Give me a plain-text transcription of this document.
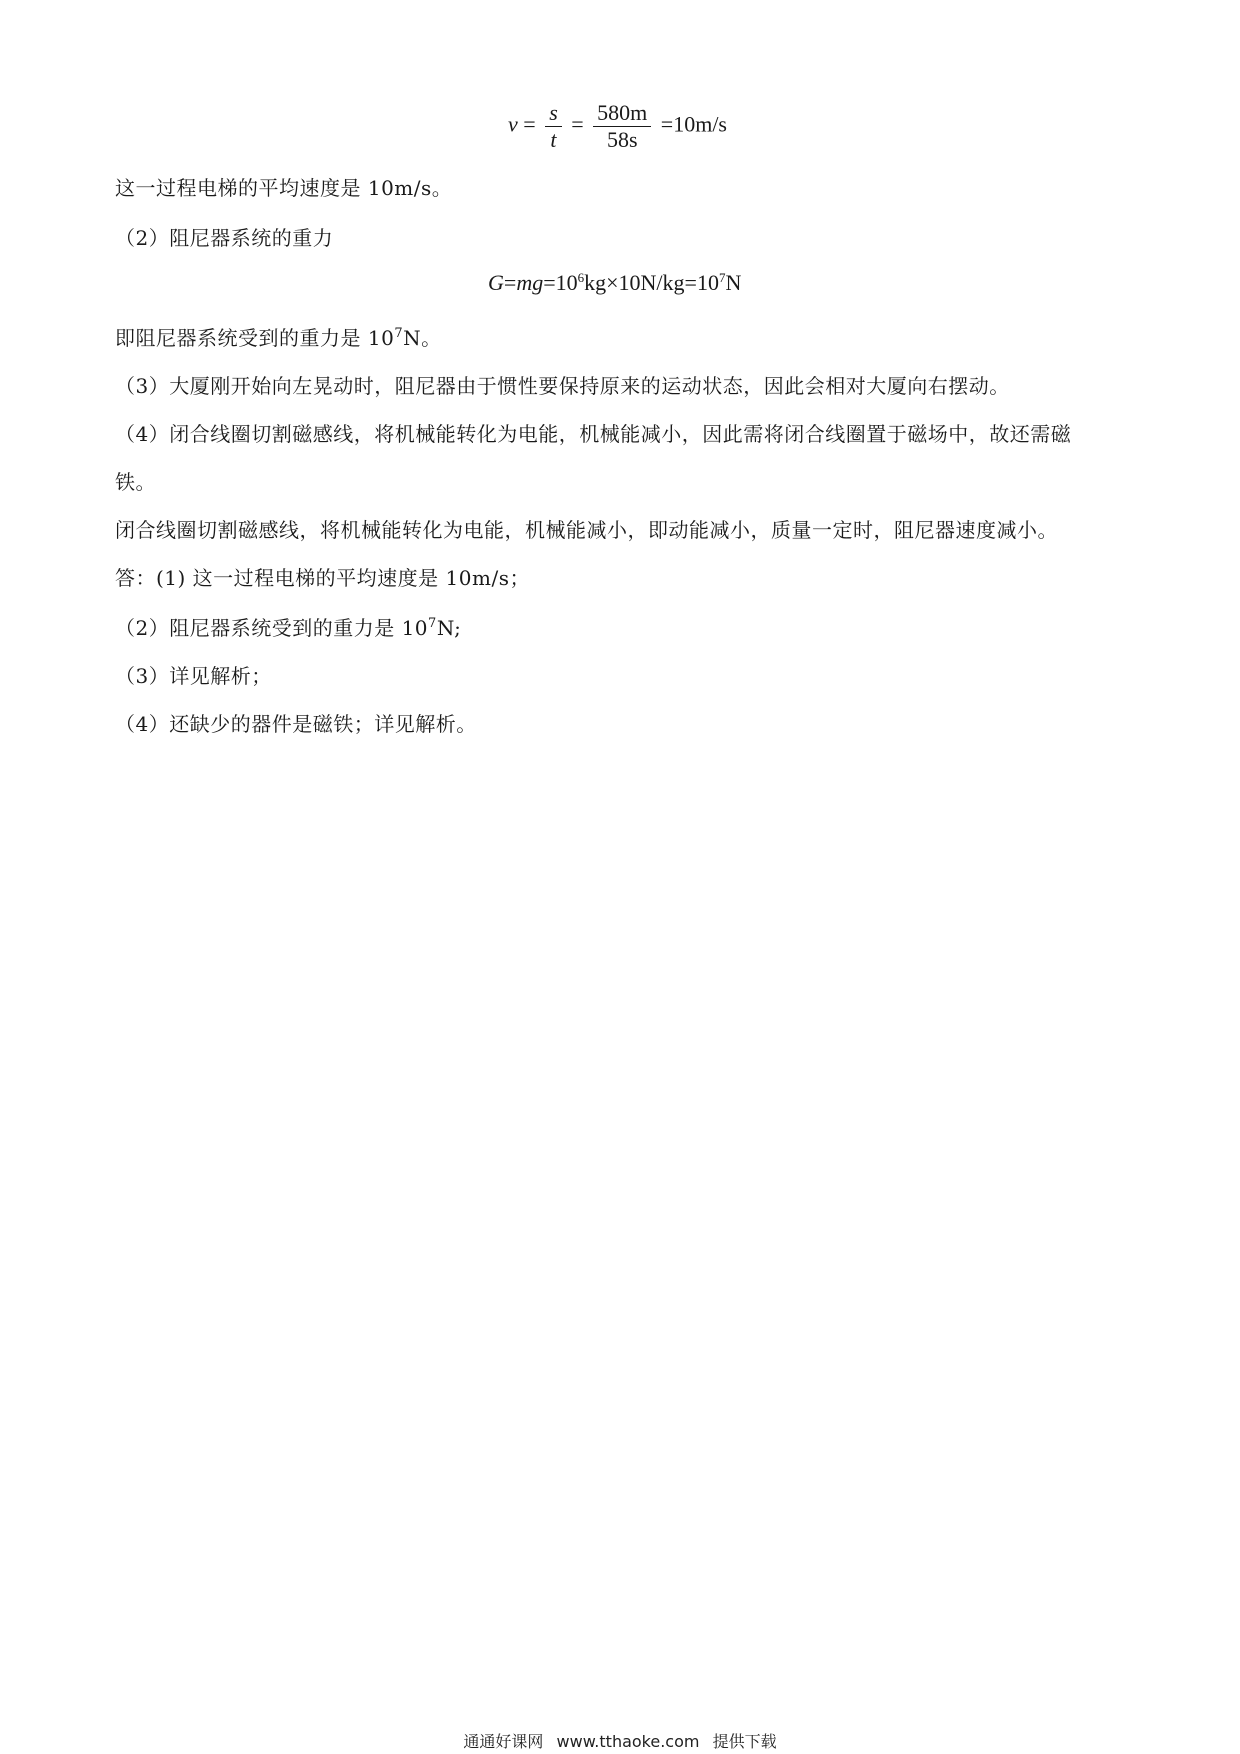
$v = \frac{s}{t} = \frac{580m}{58s} =10m/s$
这一过程电梯的平均速度是 10m/s。
（2）阻尼器系统的重力
$G=mg=10^6kg\times 10N/kg=10^7N$
即阻尼器系统受到的重力是 $10^7N$。
（3）大厦刚开始向左晃动时，阻尼器由于惯性要保持原来的运动状态，因此会相对大厦向右摆动。
（4）闭合线圈切割磁感线，将机械能转化为电能，机械能减小，因此需将闭合线圈置于磁场中，故还需磁
铁。
闭合线圈切割磁感线，将机械能转化为电能，机械能减小，即动能减小，质量一定时，阻尼器速度减小。
答：(1) 这一过程电梯的平均速度是 10m/s；
（2）阻尼器系统受到的重力是 $10^7N$;
（3）详见解析；
（4）还缺少的器件是磁铁；详见解析。
通通好课网 www.tthaoke.com 提供下载
